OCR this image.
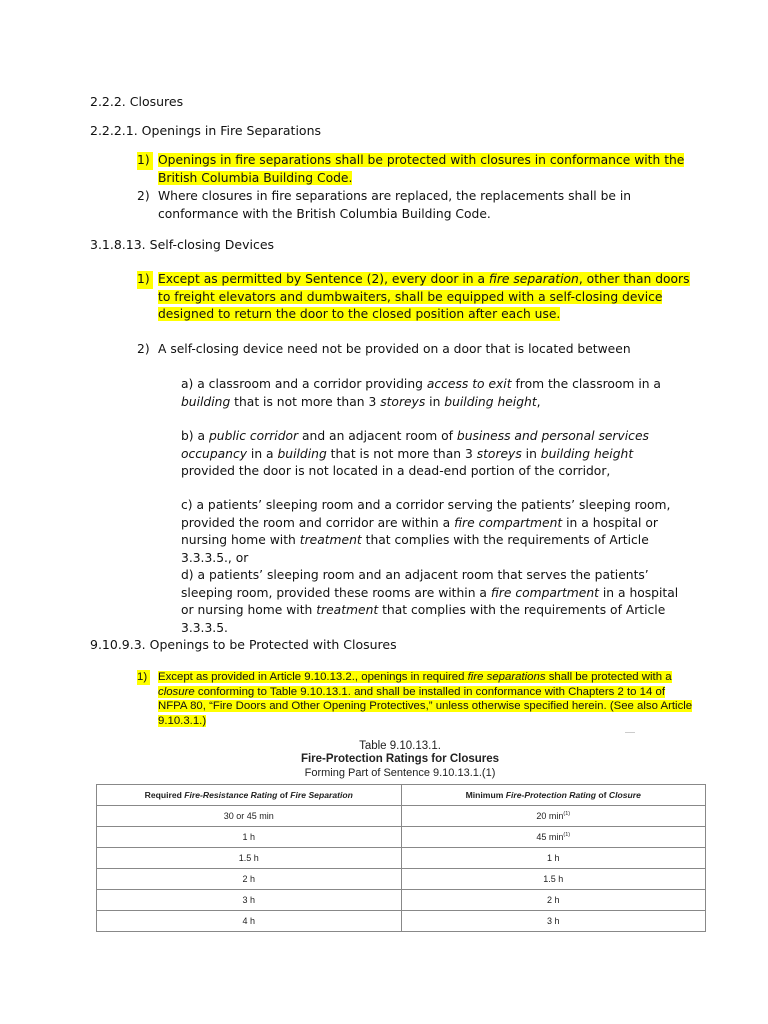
2.2.2. Closures
2.2.2.1. Openings in Fire Separations
1) Openings in fire separations shall be protected with closures in conformance with the British Columbia Building Code.
2) Where closures in fire separations are replaced, the replacements shall be in conformance with the British Columbia Building Code.
3.1.8.13. Self-closing Devices
1) Except as permitted by Sentence (2), every door in a fire separation, other than doors to freight elevators and dumbwaiters, shall be equipped with a self-closing device designed to return the door to the closed position after each use.
2) A self-closing device need not be provided on a door that is located between
a) a classroom and a corridor providing access to exit from the classroom in a building that is not more than 3 storeys in building height,
b) a public corridor and an adjacent room of business and personal services occupancy in a building that is not more than 3 storeys in building height provided the door is not located in a dead-end portion of the corridor,
c) a patients’ sleeping room and a corridor serving the patients’ sleeping room, provided the room and corridor are within a fire compartment in a hospital or nursing home with treatment that complies with the requirements of Article 3.3.3.5., or
d) a patients’ sleeping room and an adjacent room that serves the patients’ sleeping room, provided these rooms are within a fire compartment in a hospital or nursing home with treatment that complies with the requirements of Article 3.3.3.5.
9.10.9.3. Openings to be Protected with Closures
1) Except as provided in Article 9.10.13.2., openings in required fire separations shall be protected with a closure conforming to Table 9.10.13.1. and shall be installed in conformance with Chapters 2 to 14 of NFPA 80, “Fire Doors and Other Opening Protectives,” unless otherwise specified herein. (See also Article 9.10.3.1.)
Table 9.10.13.1.
Fire-Protection Ratings for Closures
Forming Part of Sentence 9.10.13.1.(1)
Required Fire-Resistance Rating of Fire Separation	Minimum Fire-Protection Rating of Closure
30 or 45 min	20 $\min^{(1)}$
1 h	45 $\min^{(1)}$
1.5 h	1 h
2 h	1.5 h
3 h	2 h
4 h	3 h
